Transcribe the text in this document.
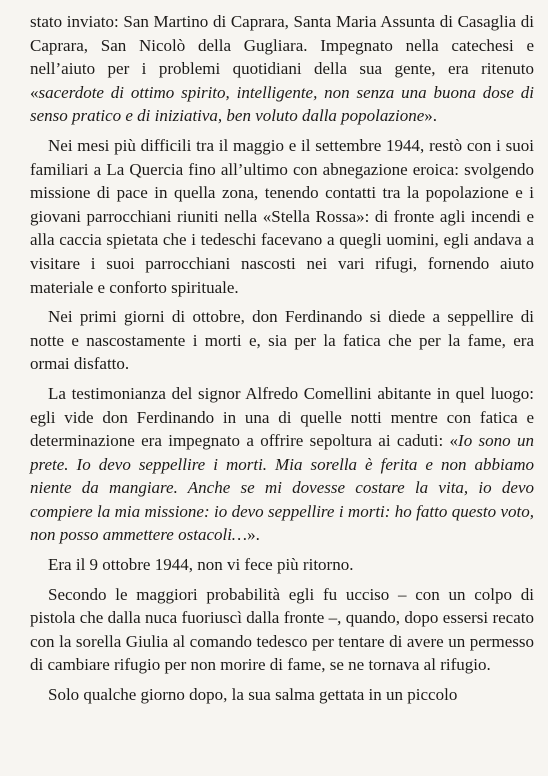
stato inviato: San Martino di Caprara, Santa Maria Assunta di Casaglia di Caprara, San Nicolò della Gugliara. Impegnato nella catechesi e nell’aiuto per i problemi quotidiani della sua gente, era ritenuto «sacerdote di ottimo spirito, intelligente, non senza una buona dose di senso pratico e di iniziativa, ben voluto dalla popolazione».

Nei mesi più difficili tra il maggio e il settembre 1944, restò con i suoi familiari a La Quercia fino all’ultimo con abnegazione eroica: svolgendo missione di pace in quella zona, tenendo contatti tra la popolazione e i giovani parrocchiani riuniti nella «Stella Rossa»: di fronte agli incendi e alla caccia spietata che i tedeschi facevano a quegli uomini, egli andava a visitare i suoi parrocchiani nascosti nei vari rifugi, fornendo aiuto materiale e conforto spirituale.

Nei primi giorni di ottobre, don Ferdinando si diede a seppellire di notte e nascostamente i morti e, sia per la fatica che per la fame, era ormai disfatto.

La testimonianza del signor Alfredo Comellini abitante in quel luogo: egli vide don Ferdinando in una di quelle notti mentre con fatica e determinazione era impegnato a offrire sepoltura ai caduti: «Io sono un prete. Io devo seppellire i morti. Mia sorella è ferita e non abbiamo niente da mangiare. Anche se mi dovesse costare la vita, io devo compiere la mia missione: io devo seppellire i morti: ho fatto questo voto, non posso ammettere ostacoli…».

Era il 9 ottobre 1944, non vi fece più ritorno.

Secondo le maggiori probabilità egli fu ucciso – con un colpo di pistola che dalla nuca fuoriuscì dalla fronte –, quando, dopo essersi recato con la sorella Giulia al comando tedesco per tentare di avere un permesso di cambiare rifugio per non morire di fame, se ne tornava al rifugio.

Solo qualche giorno dopo, la sua salma gettata in un piccolo
